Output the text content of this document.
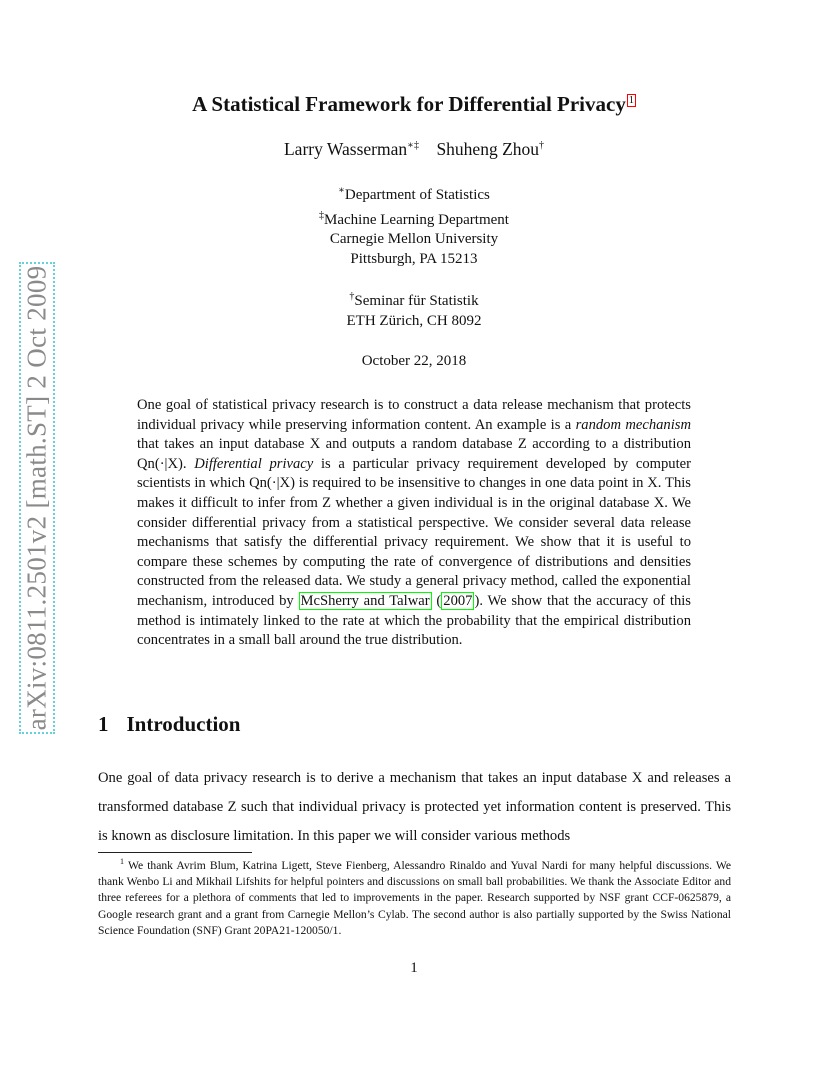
arXiv:0811.2501v2 [math.ST] 2 Oct 2009
A Statistical Framework for Differential Privacy 1
Larry Wasserman∗‡ Shuheng Zhou†
∗Department of Statistics
‡Machine Learning Department
Carnegie Mellon University
Pittsburgh, PA 15213
†Seminar für Statistik
ETH Zürich, CH 8092
October 22, 2018

One goal of statistical privacy research is to construct a data release mechanism that protects individual privacy while preserving information content. An example is a random mechanism that takes an input database X and outputs a random database Z according to a distribution Qn(·|X). Differential privacy is a particular privacy requirement developed by computer scientists in which Qn(·|X) is required to be insensitive to changes in one data point in X. This makes it difficult to infer from Z whether a given individual is in the original database X. We consider differential privacy from a statistical perspective. We consider several data release mechanisms that satisfy the differential privacy requirement. We show that it is useful to compare these schemes by computing the rate of convergence of distributions and densities constructed from the released data. We study a general privacy method, called the exponential mechanism, introduced by McSherry and Talwar ( 2007 ). We show that the accuracy of this method is intimately linked to the rate at which the probability that the empirical distribution concentrates in a small ball around the true distribution.

1 Introduction

One goal of data privacy research is to derive a mechanism that takes an input database X and releases a transformed database Z such that individual privacy is protected yet information content is preserved. This is known as disclosure limitation. In this paper we will consider various methods

$^1$ We thank Avrim Blum, Katrina Ligett, Steve Fienberg, Alessandro Rinaldo and Yuval Nardi for many helpful discussions. We thank Wenbo Li and Mikhail Lifshits for helpful pointers and discussions on small ball probabilities. We thank the Associate Editor and three referees for a plethora of comments that led to improvements in the paper. Research supported by NSF grant CCF-0625879, a Google research grant and a grant from Carnegie Mellon’s Cylab. The second author is also partially supported by the Swiss National Science Foundation (SNF) Grant 20PA21-120050/1.

1
